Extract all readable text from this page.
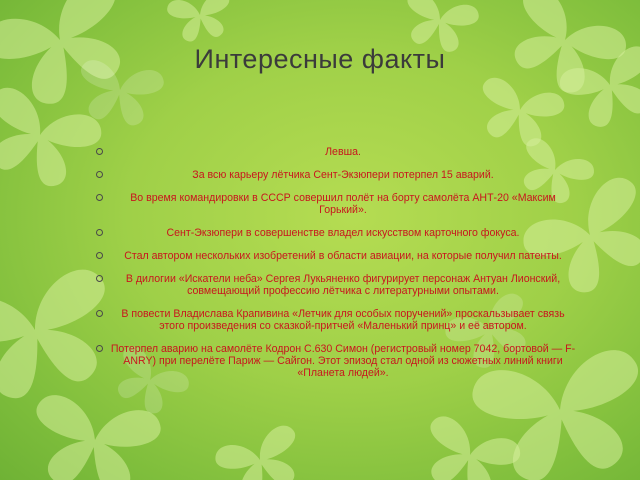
Интересные факты
Левша.
За всю карьеру лётчика Сент-Экзюпери потерпел 15 аварий.
Во время командировки в СССР совершил полёт на борту самолёта АНТ-20 «Максим Горький».
Сент-Экзюпери в совершенстве владел искусством карточного фокуса.
Стал автором нескольких изобретений в области авиации, на которые получил патенты.
В дилогии «Искатели неба» Сергея Лукьяненко фигурирует персонаж Антуан Лионский, совмещающий профессию лётчика с литературными опытами.
В повести Владислава Крапивина «Летчик для особых поручений» проскальзывает связь этого произведения со сказкой-притчей «Маленький принц» и её автором.
Потерпел аварию на самолёте Кодрон C.630 Симон (регистровый номер 7042, бортовой — F-ANRY) при перелёте Париж — Сайгон. Этот эпизод стал одной из сюжетных линий книги «Планета людей».
